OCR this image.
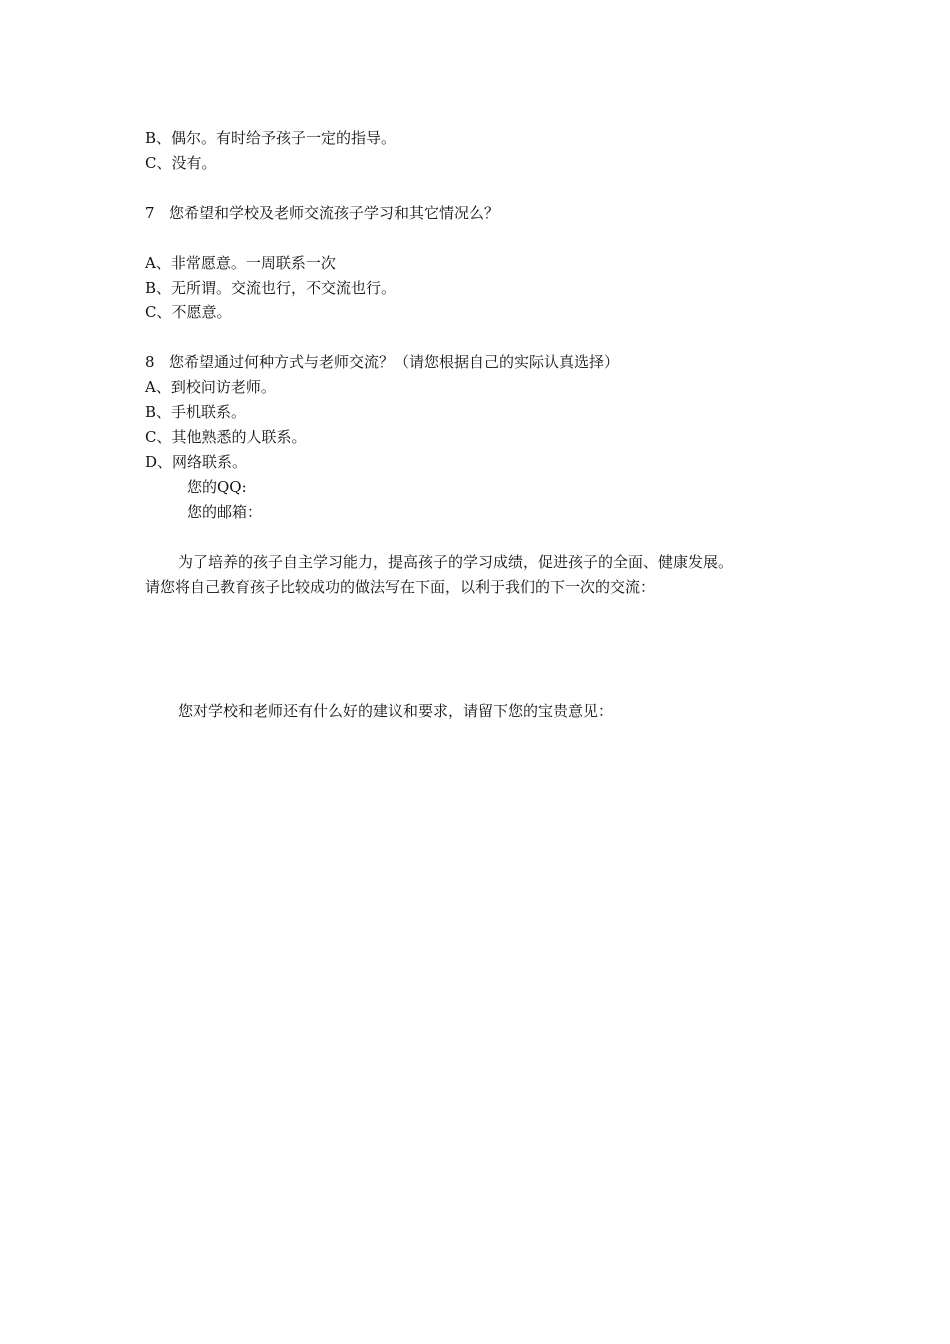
B、偶尔。有时给予孩子一定的指导。
C、没有。
7 您希望和学校及老师交流孩子学习和其它情况么？
A、非常愿意。一周联系一次
B、无所谓。交流也行，不交流也行。
C、不愿意。
8 您希望通过何种方式与老师交流？（请您根据自己的实际认真选择）
A、到校问访老师。
B、手机联系。
C、其他熟悉的人联系。
D、网络联系。
您的QQ:
您的邮箱：
为了培养的孩子自主学习能力，提高孩子的学习成绩，促进孩子的全面、健康发展。
请您将自己教育孩子比较成功的做法写在下面，以利于我们的下一次的交流：
您对学校和老师还有什么好的建议和要求，请留下您的宝贵意见：
